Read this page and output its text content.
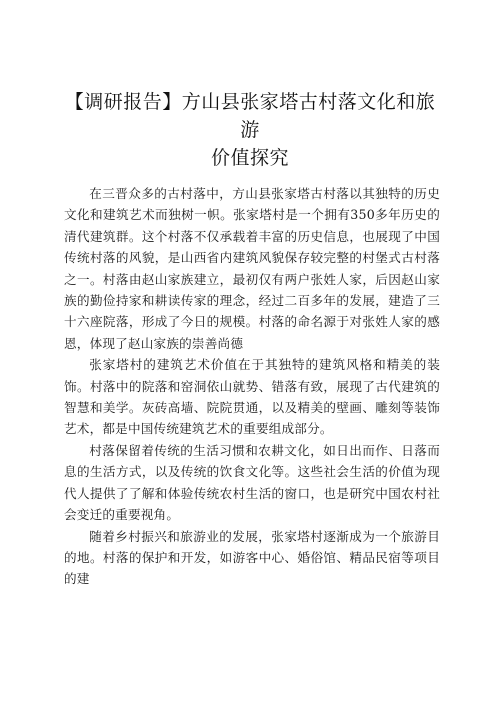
【调研报告】方山县张家塔古村落文化和旅游
价值探究

在三晋众多的古村落中，方山县张家塔古村落以其独特的历史文化和建筑艺术而独树一帜。张家塔村是一个拥有350多年历史的清代建筑群。这个村落不仅承载着丰富的历史信息，也展现了中国传统村落的风貌，是山西省内建筑风貌保存较完整的村堡式古村落之一。村落由赵山家族建立，最初仅有两户张姓人家，后因赵山家族的勤俭持家和耕读传家的理念，经过二百多年的发展，建造了三十六座院落，形成了今日的规模。村落的命名源于对张姓人家的感恩，体现了赵山家族的崇善尚德

张家塔村的建筑艺术价值在于其独特的建筑风格和精美的装饰。村落中的院落和窑洞依山就势、错落有致，展现了古代建筑的智慧和美学。灰砖高墙、院院贯通，以及精美的壁画、雕刻等装饰艺术，都是中国传统建筑艺术的重要组成部分。

村落保留着传统的生活习惯和农耕文化，如日出而作、日落而息的生活方式，以及传统的饮食文化等。这些社会生活的价值为现代人提供了了解和体验传统农村生活的窗口，也是研究中国农村社会变迁的重要视角。

随着乡村振兴和旅游业的发展，张家塔村逐渐成为一个旅游目的地。村落的保护和开发，如游客中心、婚俗馆、精品民宿等项目的建
